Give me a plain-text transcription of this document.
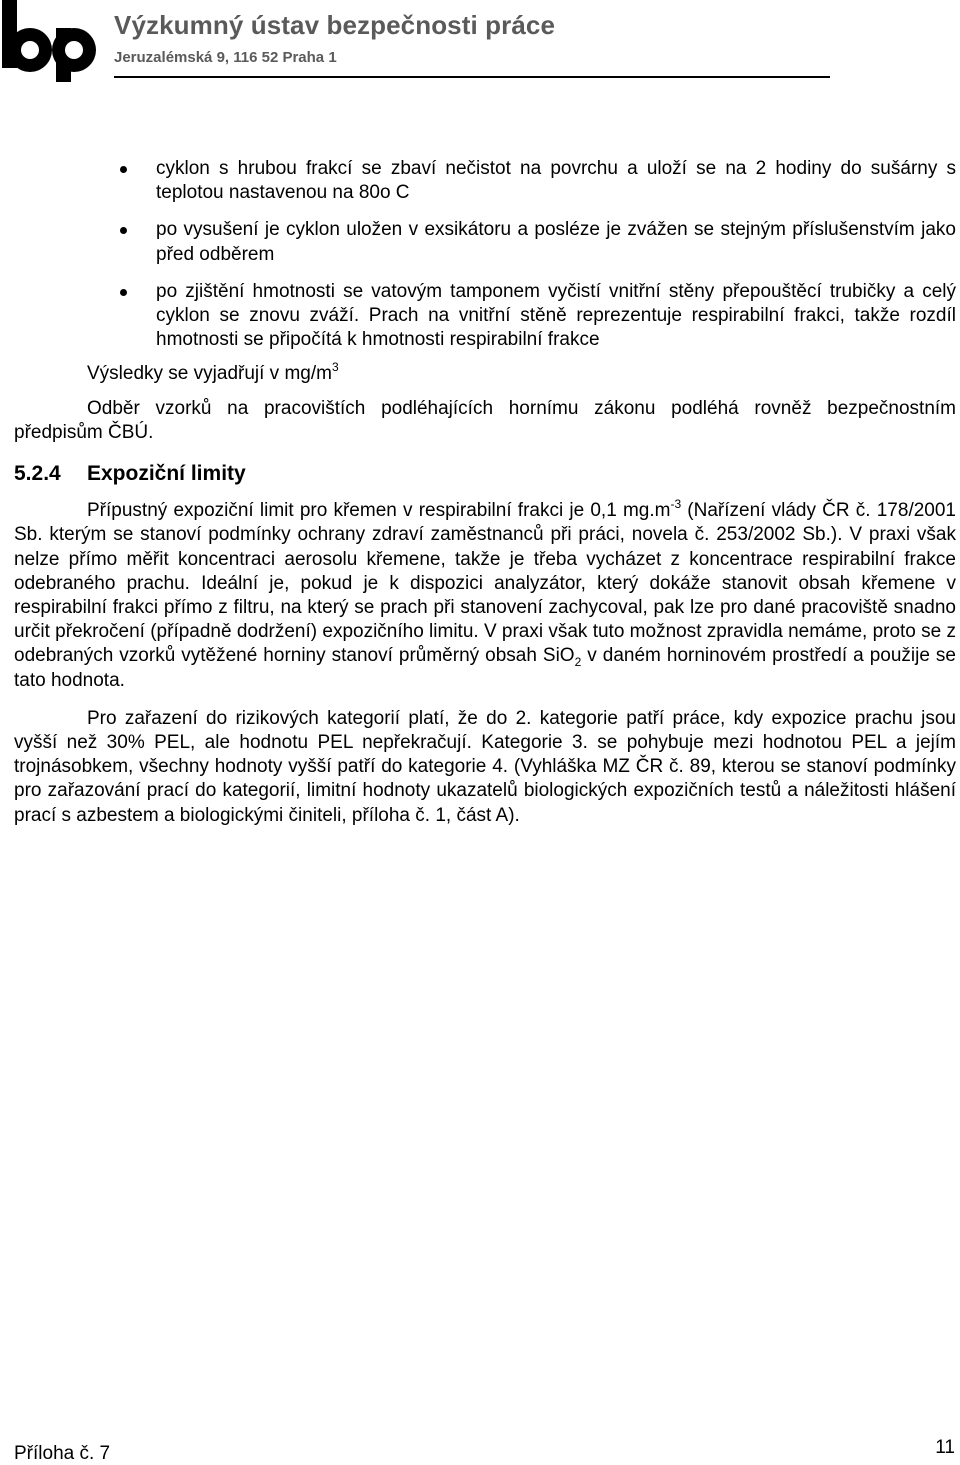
Výzkumný ústav bezpečnosti práce
Jeruzalémská 9, 116 52 Praha 1
cyklon s hrubou frakcí se zbaví nečistot na povrchu a uloží se na 2 hodiny do sušárny s teplotou nastavenou na 80o C
po vysušení je cyklon uložen v exsikátoru a posléze je zvážen se stejným příslušenstvím jako před odběrem
po zjištění hmotnosti se vatovým tamponem vyčistí vnitřní stěny přepouštěcí trubičky a celý cyklon se znovu zváží. Prach na vnitřní stěně reprezentuje respirabilní frakci, takže rozdíl hmotnosti se připočítá k hmotnosti respirabilní frakce

Výsledky se vyjadřují v $mg/m^3$

Odběr vzorků na pracovištích podléhajících hornímu zákonu podléhá rovněž bezpečnostním předpisům ČBÚ.

5.2.4 Expoziční limity

Přípustný expoziční limit pro křemen v respirabilní frakci je 0,1 $mg.m^{-3}$ (Nařízení vlády ČR č. 178/2001 Sb. kterým se stanoví podmínky ochrany zdraví zaměstnanců při práci, novela č. 253/2002 Sb.). V praxi však nelze přímo měřit koncentraci aerosolu křemene, takže je třeba vycházet z koncentrace respirabilní frakce odebraného prachu. Ideální je, pokud je k dispozici analyzátor, který dokáže stanovit obsah křemene v respirabilní frakci přímo z filtru, na který se prach při stanovení zachycoval, pak lze pro dané pracoviště snadno určit překročení (případně dodržení) expozičního limitu. V praxi však tuto možnost zpravidla nemáme, proto se z odebraných vzorků vytěžené horniny stanoví průměrný obsah SiO$_2$ v daném horninovém prostředí a použije se tato hodnota.

Pro zařazení do rizikových kategorií platí, že do 2. kategorie patří práce, kdy expozice prachu jsou vyšší než 30% PEL, ale hodnotu PEL nepřekračují. Kategorie 3. se pohybuje mezi hodnotou PEL a jejím trojnásobkem, všechny hodnoty vyšší patří do kategorie 4. (Vyhláška MZ ČR č. 89, kterou se stanoví podmínky pro zařazování prací do kategorií, limitní hodnoty ukazatelů biologických expozičních testů a náležitosti hlášení prací s azbestem a biologickými činiteli, příloha č. 1, část A).

Příloha č. 7	11
